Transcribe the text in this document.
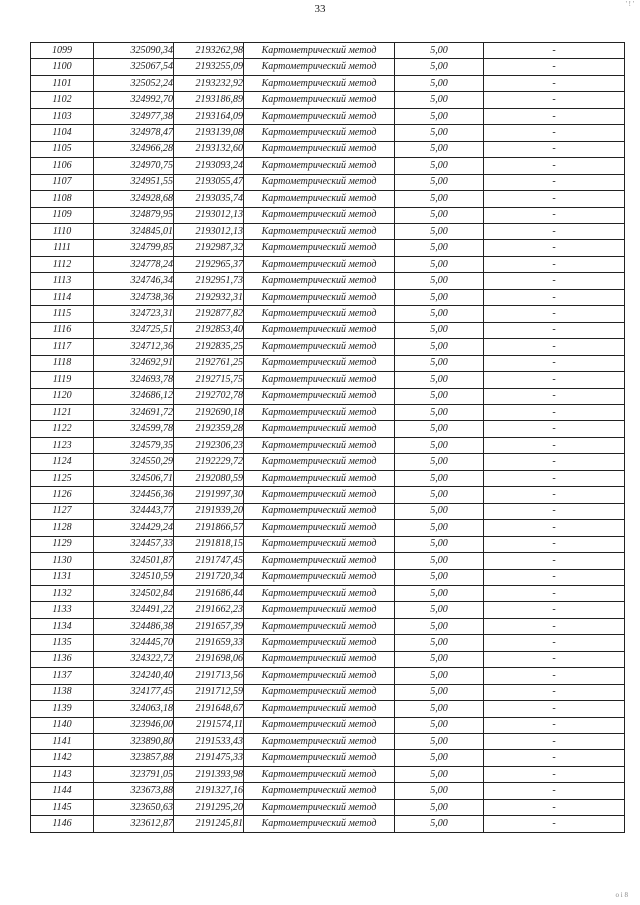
' ! '
33
1099	325090,34	2193262,98	Картометрический метод	5,00	-
1100	325067,54	2193255,09	Картометрический метод	5,00	-
1101	325052,24	2193232,92	Картометрический метод	5,00	-
1102	324992,70	2193186,89	Картометрический метод	5,00	-
1103	324977,38	2193164,09	Картометрический метод	5,00	-
1104	324978,47	2193139,08	Картометрический метод	5,00	-
1105	324966,28	2193132,60	Картометрический метод	5,00	-
1106	324970,75	2193093,24	Картометрический метод	5,00	-
1107	324951,55	2193055,47	Картометрический метод	5,00	-
1108	324928,68	2193035,74	Картометрический метод	5,00	-
1109	324879,95	2193012,13	Картометрический метод	5,00	-
1110	324845,01	2193012,13	Картометрический метод	5,00	-
1111	324799,85	2192987,32	Картометрический метод	5,00	-
1112	324778,24	2192965,37	Картометрический метод	5,00	-
1113	324746,34	2192951,73	Картометрический метод	5,00	-
1114	324738,36	2192932,31	Картометрический метод	5,00	-
1115	324723,31	2192877,82	Картометрический метод	5,00	-
1116	324725,51	2192853,40	Картометрический метод	5,00	-
1117	324712,36	2192835,25	Картометрический метод	5,00	-
1118	324692,91	2192761,25	Картометрический метод	5,00	-
1119	324693,78	2192715,75	Картометрический метод	5,00	-
1120	324686,12	2192702,78	Картометрический метод	5,00	-
1121	324691,72	2192690,18	Картометрический метод	5,00	-
1122	324599,78	2192359,28	Картометрический метод	5,00	-
1123	324579,35	2192306,23	Картометрический метод	5,00	-
1124	324550,29	2192229,72	Картометрический метод	5,00	-
1125	324506,71	2192080,59	Картометрический метод	5,00	-
1126	324456,36	2191997,30	Картометрический метод	5,00	-
1127	324443,77	2191939,20	Картометрический метод	5,00	-
1128	324429,24	2191866,57	Картометрический метод	5,00	-
1129	324457,33	2191818,15	Картометрический метод	5,00	-
1130	324501,87	2191747,45	Картометрический метод	5,00	-
1131	324510,59	2191720,34	Картометрический метод	5,00	-
1132	324502,84	2191686,44	Картометрический метод	5,00	-
1133	324491,22	2191662,23	Картометрический метод	5,00	-
1134	324486,38	2191657,39	Картометрический метод	5,00	-
1135	324445,70	2191659,33	Картометрический метод	5,00	-
1136	324322,72	2191698,06	Картометрический метод	5,00	-
1137	324240,40	2191713,56	Картометрический метод	5,00	-
1138	324177,45	2191712,59	Картометрический метод	5,00	-
1139	324063,18	2191648,67	Картометрический метод	5,00	-
1140	323946,00	2191574,11	Картометрический метод	5,00	-
1141	323890,80	2191533,43	Картометрический метод	5,00	-
1142	323857,88	2191475,33	Картометрический метод	5,00	-
1143	323791,05	2191393,98	Картометрический метод	5,00	-
1144	323673,88	2191327,16	Картометрический метод	5,00	-
1145	323650,63	2191295,20	Картометрический метод	5,00	-
1146	323612,87	2191245,81	Картометрический метод	5,00	-
o i 8
